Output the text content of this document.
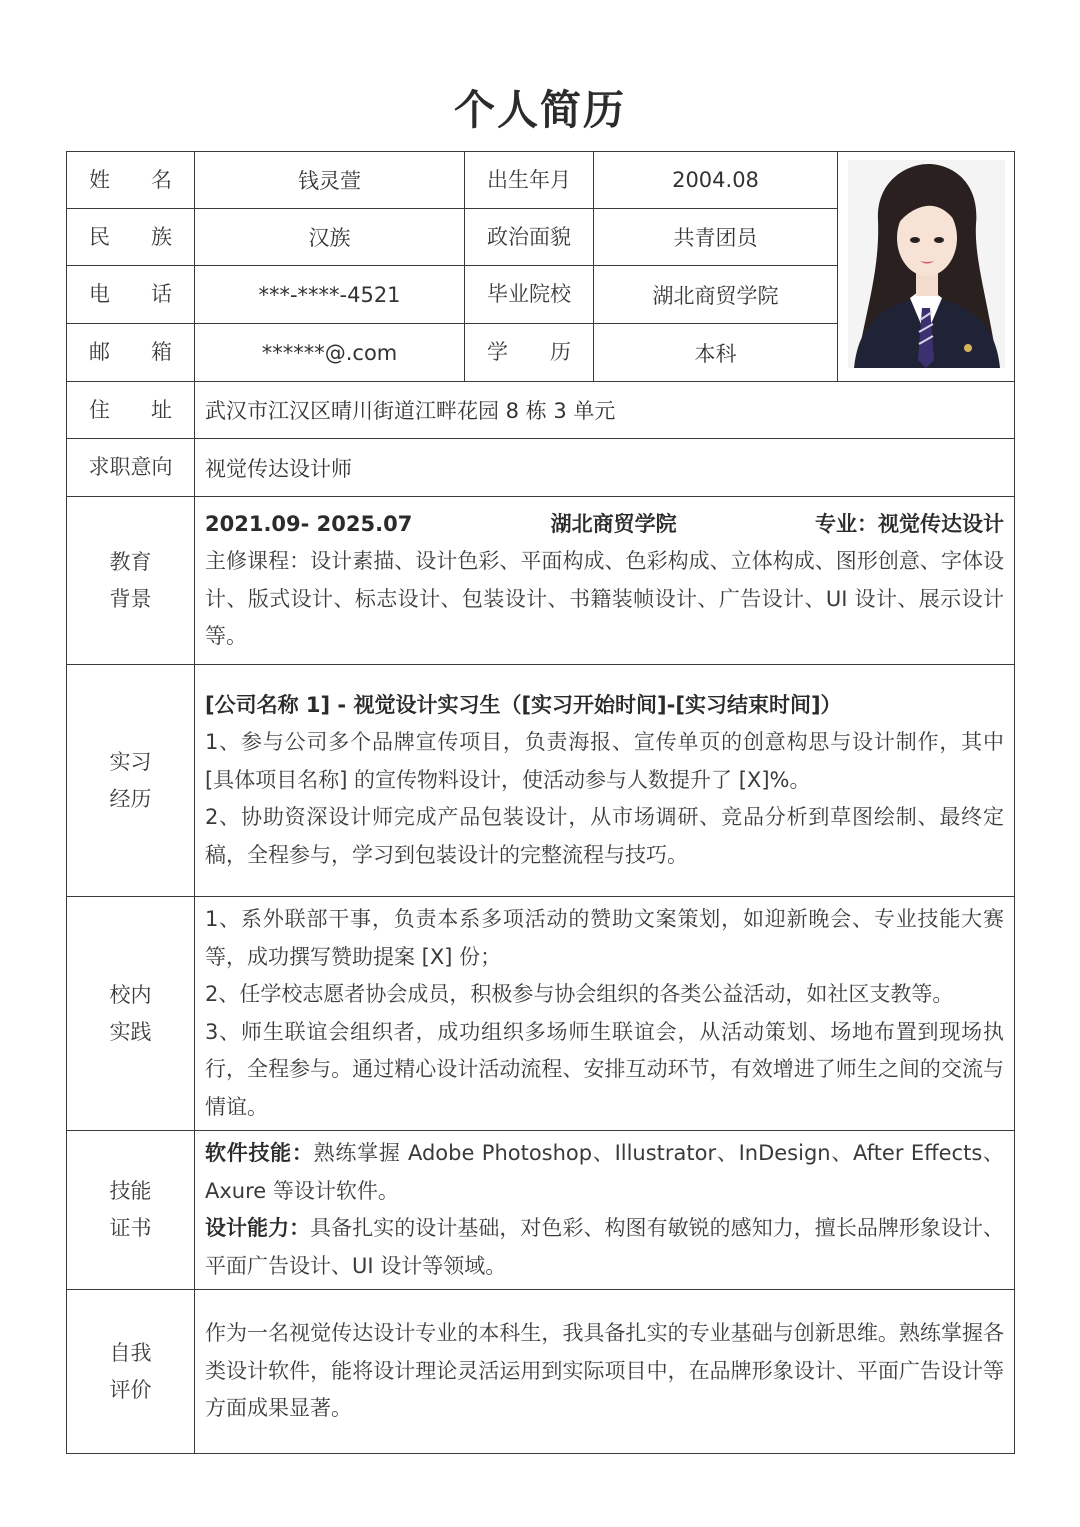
个人简历
姓名	钱灵萱	出生年月	2004.08	

民族	汉族	政治面貌	共青团员	
电话	***-****-4521	毕业院校	湖北商贸学院	
邮箱	******@.com	学历	本科	
住址	武汉市江汉区晴川街道江畔花园 8 栋 3 单元			
求职意向	视觉传达设计师			

教育背景	2021.09- 2025.07 湖北商贸学院 专业：视觉传达设计

主修课程：设计素描、设计色彩、平面构成、色彩构成、立体构成、图形创意、字体设计、版式设计、标志设计、包装设计、书籍装帧设计、广告设计、UI 设计、展示设计等。			

实习经历	[公司名称 1] - 视觉设计实习生（[实习开始时间]-[实习结束时间]）

1、参与公司多个品牌宣传项目，负责海报、宣传单页的创意构思与设计制作，其中 [具体项目名称] 的宣传物料设计，使活动参与人数提升了 [X]%。

2、协助资深设计师完成产品包装设计，从市场调研、竞品分析到草图绘制、最终定稿，全程参与，学习到包装设计的完整流程与技巧。			

校内实践	1、系外联部干事，负责本系多项活动的赞助文案策划，如迎新晚会、专业技能大赛等，成功撰写赞助提案 [X] 份；

2、任学校志愿者协会成员，积极参与协会组织的各类公益活动，如社区支教等。

3、师生联谊会组织者，成功组织多场师生联谊会，从活动策划、场地布置到现场执行，全程参与。通过精心设计活动流程、安排互动环节，有效增进了师生之间的交流与情谊。			

技能证书	软件技能：熟练掌握 Adobe Photoshop、Illustrator、InDesign、After Effects、Axure 等设计软件。

设计能力：具备扎实的设计基础，对色彩、构图有敏锐的感知力，擅长品牌形象设计、平面广告设计、UI 设计等领域。			

自我评价	作为一名视觉传达设计专业的本科生，我具备扎实的专业基础与创新思维。熟练掌握各类设计软件，能将设计理论灵活运用到实际项目中，在品牌形象设计、平面广告设计等方面成果显著。			
